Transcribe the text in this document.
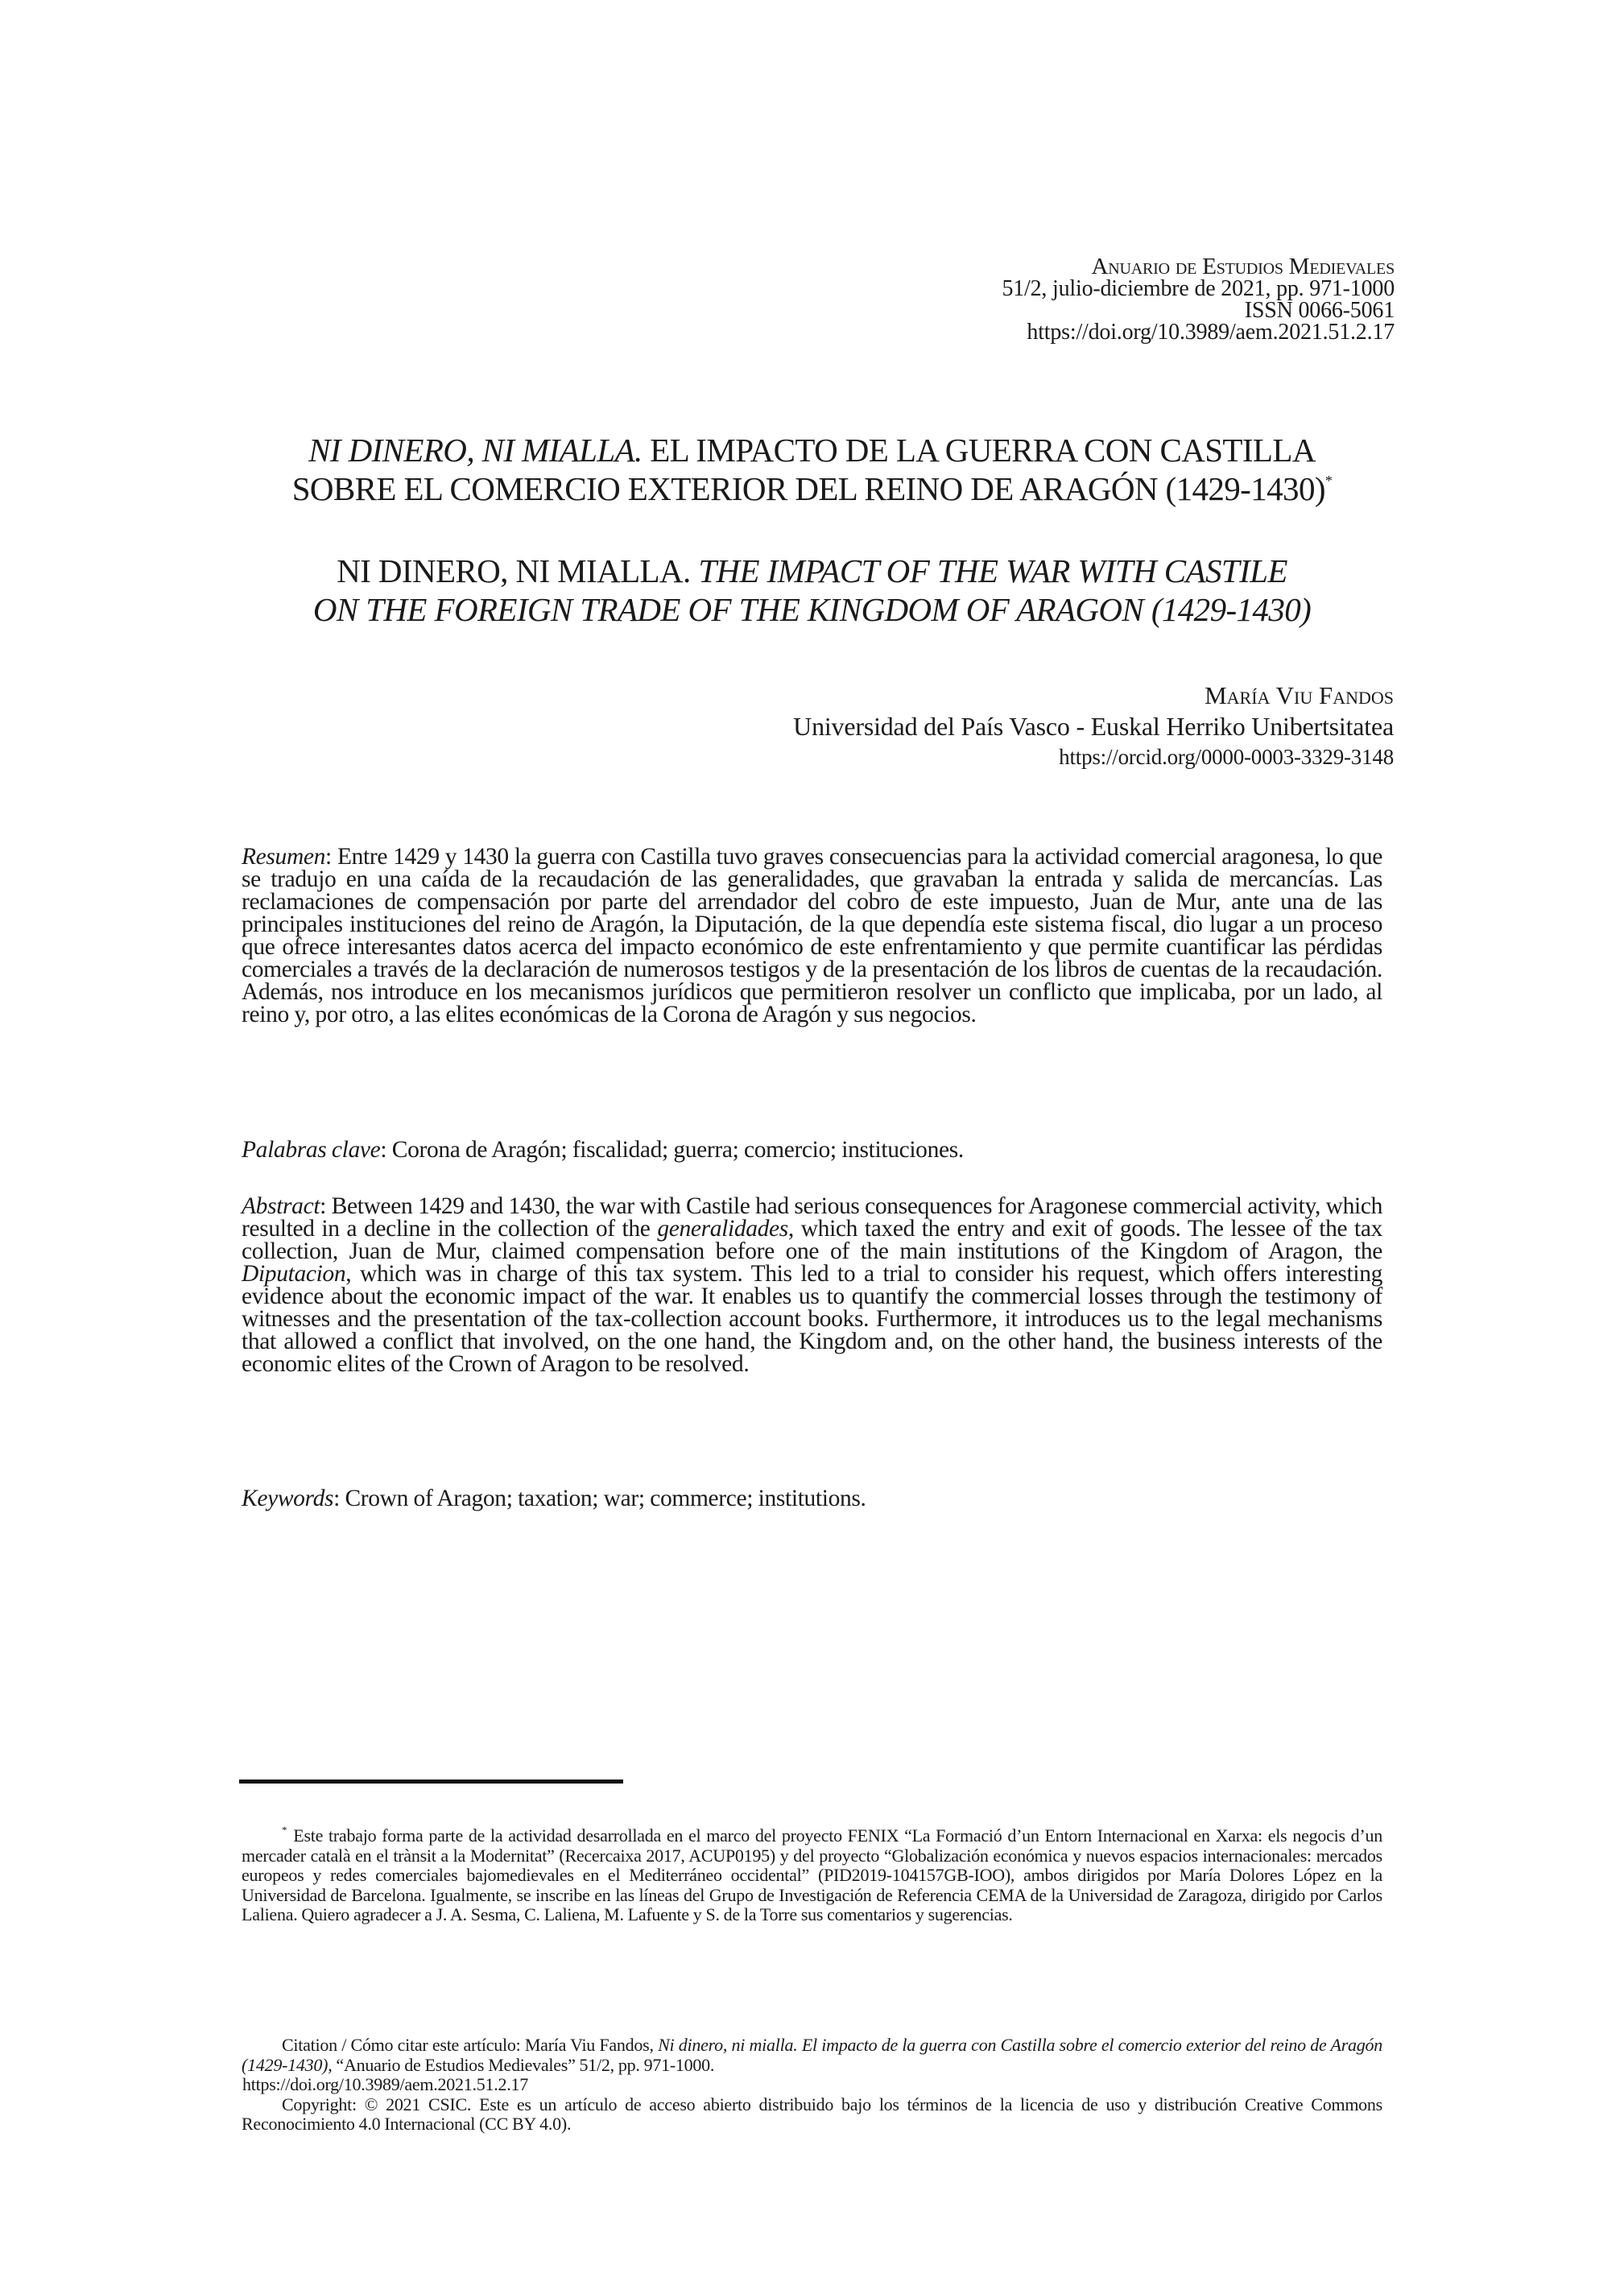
Anuario de Estudios Medievales
51/2, julio-diciembre de 2021, pp. 971-1000
ISSN 0066-5061
https://doi.org/10.3989/aem.2021.51.2.17
NI DINERO, NI MIALLA. EL IMPACTO DE LA GUERRA CON CASTILLA
SOBRE EL COMERCIO EXTERIOR DEL REINO DE ARAGÓN (1429-1430)*
NI DINERO, NI MIALLA. THE IMPACT OF THE WAR WITH CASTILE
ON THE FOREIGN TRADE OF THE KINGDOM OF ARAGON (1429-1430)
María Viu Fandos
Universidad del País Vasco - Euskal Herriko Unibertsitatea
https://orcid.org/0000-0003-3329-3148

Resumen: Entre 1429 y 1430 la guerra con Castilla tuvo graves consecuencias para la actividad comercial aragonesa, lo que se tradujo en una caída de la recaudación de las generalidades, que gravaban la entrada y salida de mercancías. Las reclamaciones de compensación por parte del arrendador del cobro de este impuesto, Juan de Mur, ante una de las principales instituciones del reino de Aragón, la Diputación, de la que dependía este sistema fiscal, dio lugar a un proceso que ofrece interesantes datos acerca del impacto económico de este enfrentamiento y que permite cuantificar las pérdidas comerciales a través de la declaración de numerosos testigos y de la presentación de los libros de cuentas de la recaudación. Además, nos introduce en los mecanismos jurídicos que permitieron resolver un conflicto que implicaba, por un lado, al reino y, por otro, a las elites económicas de la Corona de Aragón y sus negocios.

Palabras clave: Corona de Aragón; fiscalidad; guerra; comercio; instituciones.

Abstract: Between 1429 and 1430, the war with Castile had serious consequences for Aragonese commercial activity, which resulted in a decline in the collection of the generalidades, which taxed the entry and exit of goods. The lessee of the tax collection, Juan de Mur, claimed compensation before one of the main institutions of the Kingdom of Aragon, the Diputacion, which was in charge of this tax system. This led to a trial to consider his request, which offers interesting evidence about the economic impact of the war. It enables us to quantify the commercial losses through the testimony of witnesses and the presentation of the tax-collection account books. Furthermore, it introduces us to the legal mechanisms that allowed a conflict that involved, on the one hand, the Kingdom and, on the other hand, the business interests of the economic elites of the Crown of Aragon to be resolved.

Keywords: Crown of Aragon; taxation; war; commerce; institutions.

* Este trabajo forma parte de la actividad desarrollada en el marco del proyecto FENIX “La Formació d’un Entorn Internacional en Xarxa: els negocis d’un mercader català en el trànsit a la Modernitat” (Recercaixa 2017, ACUP0195) y del proyecto “Globalización económica y nuevos espacios internacionales: mercados europeos y redes comerciales bajomedievales en el Mediterráneo occidental” (PID2019-104157GB-IOO), ambos dirigidos por María Dolores López en la Universidad de Barcelona. Igualmente, se inscribe en las líneas del Grupo de Investigación de Referencia CEMA de la Universidad de Zaragoza, dirigido por Carlos Laliena. Quiero agradecer a J. A. Sesma, C. Laliena, M. Lafuente y S. de la Torre sus comentarios y sugerencias.

Citation / Cómo citar este artículo: María Viu Fandos, Ni dinero, ni mialla. El impacto de la guerra con Castilla sobre el comercio exterior del reino de Aragón (1429-1430), “Anuario de Estudios Medievales” 51/2, pp. 971-1000.

https://doi.org/10.3989/aem.2021.51.2.17

Copyright: © 2021 CSIC. Este es un artículo de acceso abierto distribuido bajo los términos de la licencia de uso y distribución Creative Commons Reconocimiento 4.0 Internacional (CC BY 4.0).
